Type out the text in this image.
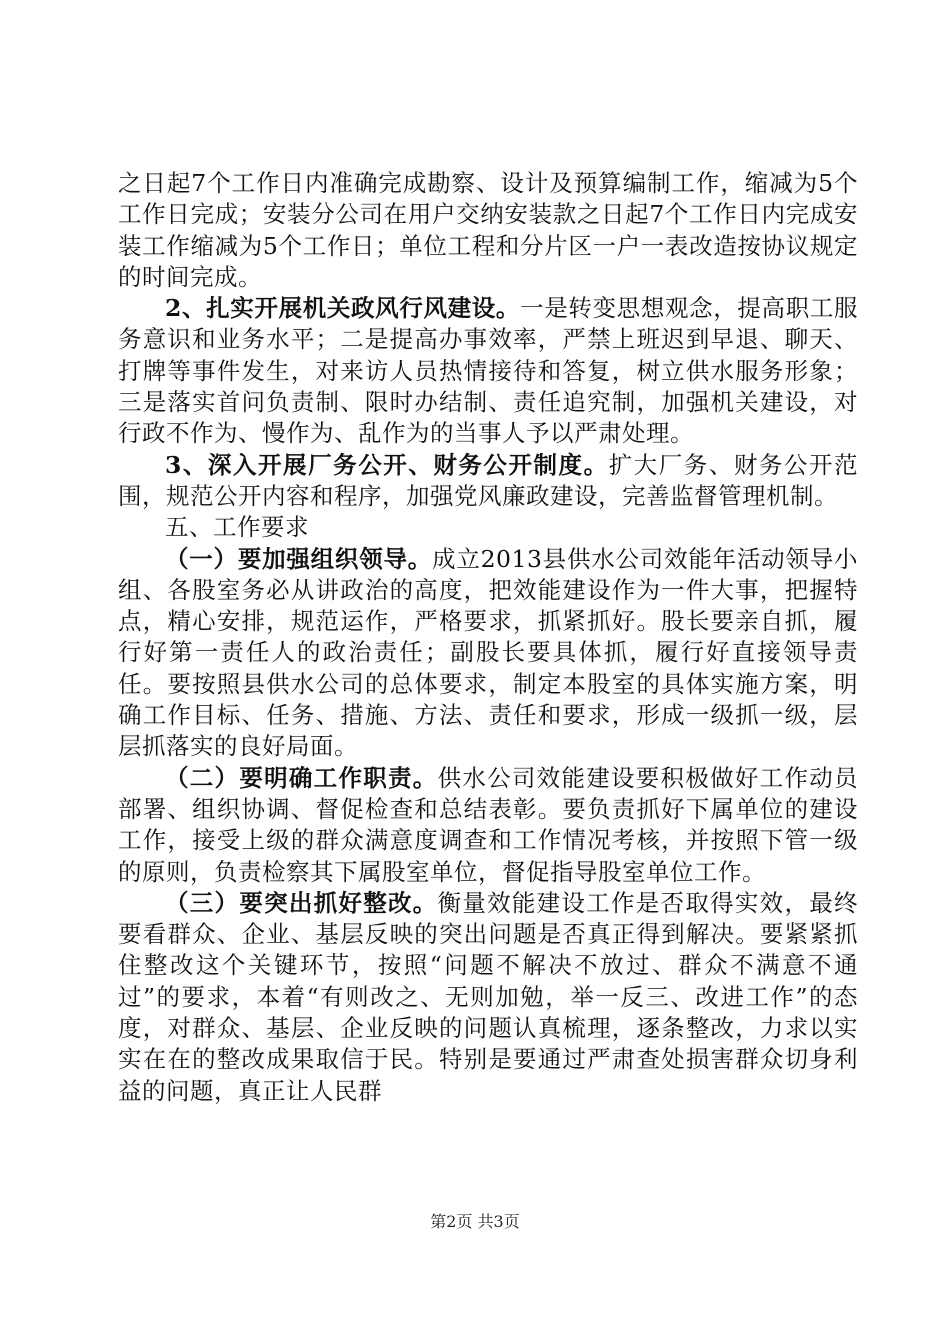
之日起7个工作日内准确完成勘察、设计及预算编制工作，缩减为5个工作日完成；安装分公司在用户交纳安装款之日起7个工作日内完成安装工作缩减为5个工作日；单位工程和分片区一户一表改造按协议规定的时间完成。

2、扎实开展机关政风行风建设。一是转变思想观念，提高职工服务意识和业务水平；二是提高办事效率，严禁上班迟到早退、聊天、打牌等事件发生，对来访人员热情接待和答复，树立供水服务形象；三是落实首问负责制、限时办结制、责任追究制，加强机关建设，对行政不作为、慢作为、乱作为的当事人予以严肃处理。

3、深入开展厂务公开、财务公开制度。扩大厂务、财务公开范围，规范公开内容和程序，加强党风廉政建设，完善监督管理机制。

五、工作要求

（一）要加强组织领导。成立2013县供水公司效能年活动领导小组、各股室务必从讲政治的高度，把效能建设作为一件大事，把握特点，精心安排，规范运作，严格要求，抓紧抓好。股长要亲自抓，履行好第一责任人的政治责任；副股长要具体抓，履行好直接领导责任。要按照县供水公司的总体要求，制定本股室的具体实施方案，明确工作目标、任务、措施、方法、责任和要求，形成一级抓一级，层层抓落实的良好局面。

（二）要明确工作职责。供水公司效能建设要积极做好工作动员部署、组织协调、督促检查和总结表彰。要负责抓好下属单位的建设工作，接受上级的群众满意度调查和工作情况考核，并按照下管一级的原则，负责检察其下属股室单位，督促指导股室单位工作。

（三）要突出抓好整改。衡量效能建设工作是否取得实效，最终要看群众、企业、基层反映的突出问题是否真正得到解决。要紧紧抓住整改这个关键环节，按照“问题不解决不放过、群众不满意不通过”的要求，本着“有则改之、无则加勉，举一反三、改进工作”的态度，对群众、基层、企业反映的问题认真梳理，逐条整改，力求以实实在在的整改成果取信于民。特别是要通过严肃查处损害群众切身利益的问题，真正让人民群

第2页 共3页
